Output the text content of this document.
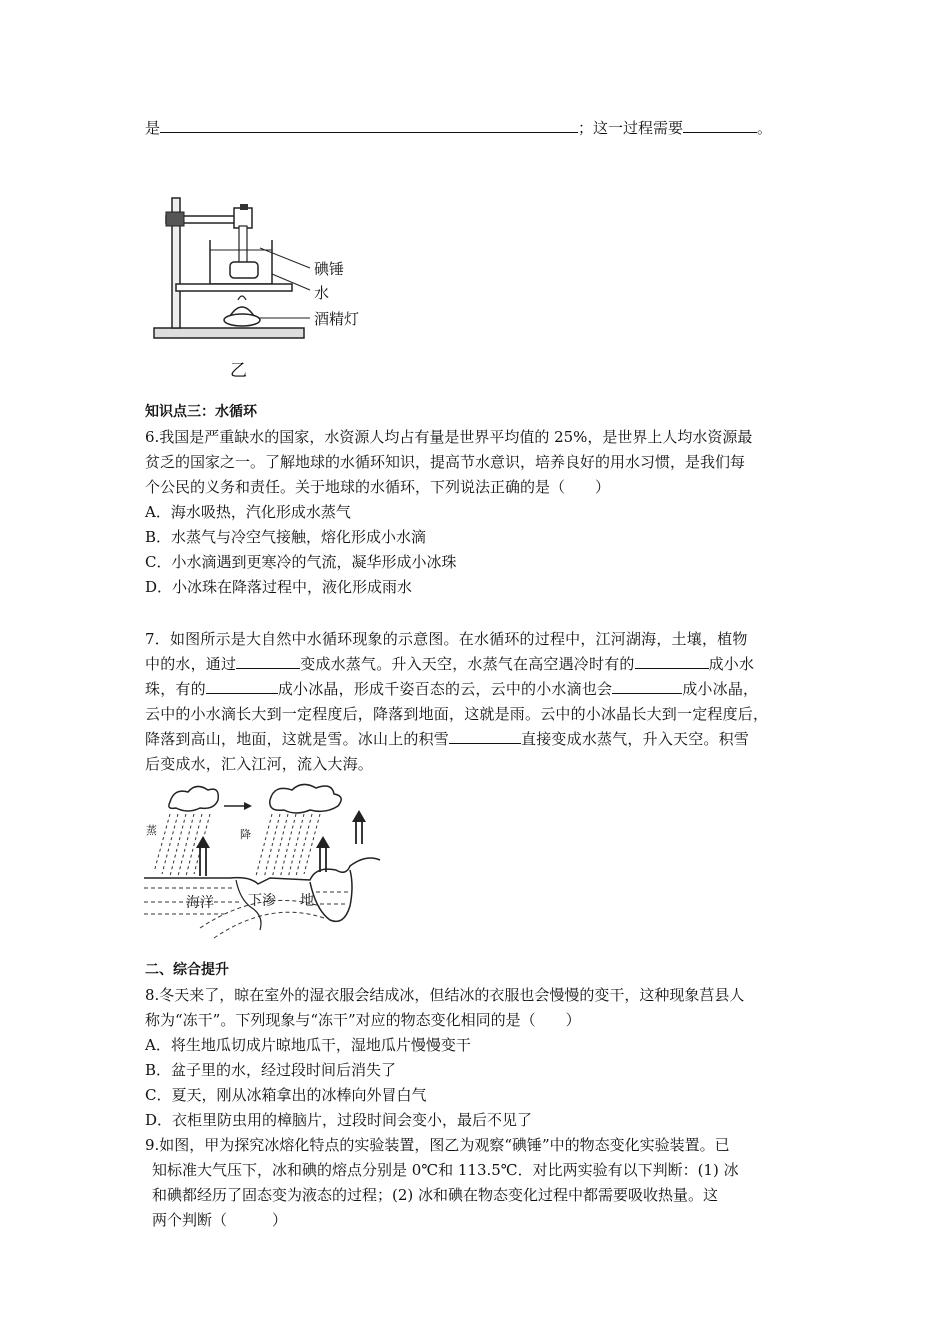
是	；这一过程需要	。
碘锤
水
酒精灯
乙
知识点三：水循环
6.我国是严重缺水的国家，水资源人均占有量是世界平均值的 25%，是世界上人均水资源最
贫乏的国家之一。了解地球的水循环知识，提高节水意识，培养良好的用水习惯，是我们每
个公民的义务和责任。关于地球的水循环，下列说法正确的是（　　）
A．海水吸热，汽化形成水蒸气
B．水蒸气与冷空气接触，熔化形成小水滴
C．小水滴遇到更寒冷的气流，凝华形成小冰珠
D．小冰珠在降落过程中，液化形成雨水
7．如图所示是大自然中水循环现象的示意图。在水循环的过程中，江河湖海，土壤，植物
中的水，通过	变成水蒸气。升入天空，水蒸气在高空遇冷时有的	成小水
珠，有的	成小冰晶，形成千姿百态的云，云中的小水滴也会	成小冰晶，
云中的小水滴长大到一定程度后，降落到地面，这就是雨。云中的小冰晶长大到一定程度后，
降落到高山，地面，这就是雪。冰山上的积雪	直接变成水蒸气，升入天空。积雪
后变成水，汇入江河，流入大海。
蒸	降
海洋 下渗 地
二、综合提升
8.冬天来了，晾在室外的湿衣服会结成冰，但结冰的衣服也会慢慢的变干，这种现象莒县人
称为“冻干”。下列现象与“冻干”对应的物态变化相同的是（　　）
A．将生地瓜切成片晾地瓜干，湿地瓜片慢慢变干
B．盆子里的水，经过段时间后消失了
C．夏天，刚从冰箱拿出的冰棒向外冒白气
D．衣柜里防虫用的樟脑片，过段时间会变小，最后不见了
9.如图，甲为探究冰熔化特点的实验装置，图乙为观察“碘锤”中的物态变化实验装置。已
知标准大气压下，冰和碘的熔点分别是 0℃和 113.5℃．对比两实验有以下判断：(1) 冰
和碘都经历了固态变为液态的过程；(2) 冰和碘在物态变化过程中都需要吸收热量。这
两个判断（　　　）
